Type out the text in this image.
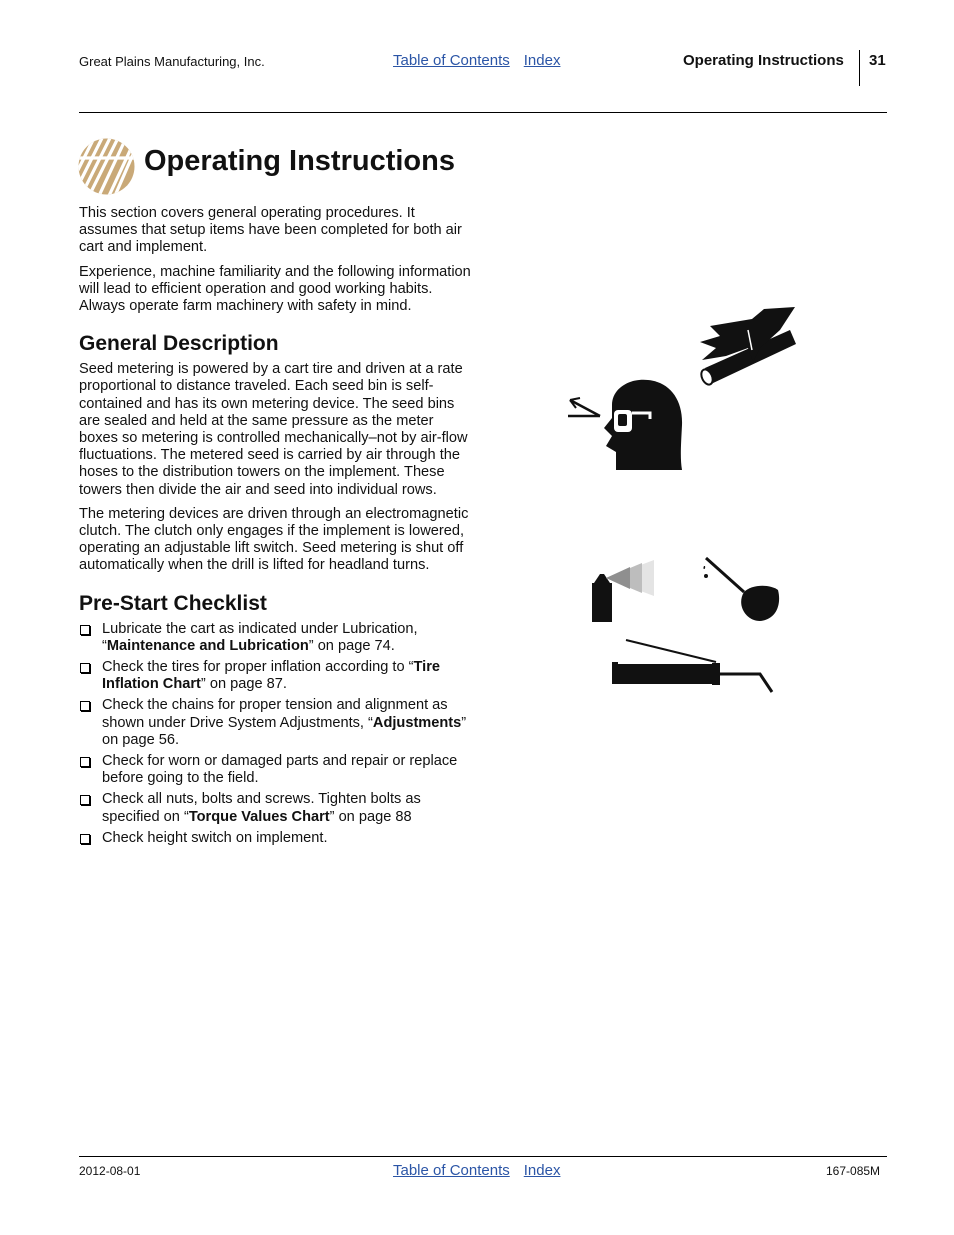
Great Plains Manufacturing, Inc.	Table of Contents Index	Operating Instructions 31
Operating Instructions

This section covers general operating procedures. It assumes that setup items have been completed for both air cart and implement.

Experience, machine familiarity and the following information will lead to efficient operation and good working habits. Always operate farm machinery with safety in mind.

General Description

Seed metering is powered by a cart tire and driven at a rate proportional to distance traveled. Each seed bin is self-contained and has its own metering device. The seed bins are sealed and held at the same pressure as the meter boxes so metering is controlled mechanically–not by air-flow fluctuations. The metered seed is carried by air through the hoses to the distribution towers on the implement. These towers then divide the air and seed into individual rows.

The metering devices are driven through an electromagnetic clutch. The clutch only engages if the implement is lowered, operating an adjustable lift switch. Seed metering is shut off automatically when the drill is lifted for headland turns.

Pre-Start Checklist
Lubricate the cart as indicated under Lubrication, “Maintenance and Lubrication” on page 74.
Check the tires for proper inflation according to “Tire Inflation Chart” on page 87.
Check the chains for proper tension and alignment as shown under Drive System Adjustments, “Adjustments” on page 56.
Check for worn or damaged parts and repair or replace before going to the field.
Check all nuts, bolts and screws. Tighten bolts as specified on “Torque Values Chart” on page 88
Check height switch on implement.
2012-08-01	Table of Contents Index	167-085M
